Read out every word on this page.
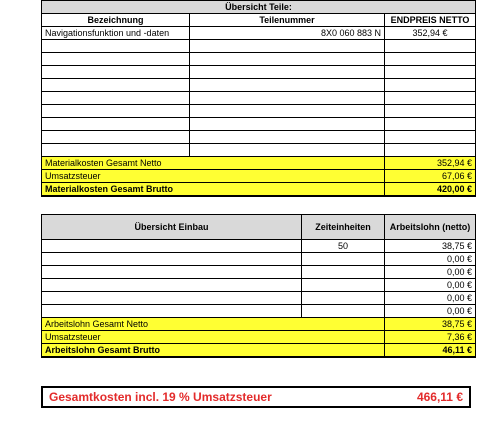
Übersicht Teile:		
Bezeichnung	Teilenummer	ENDPREIS NETTO
Navigationsfunktion und -daten	8X0 060 883 N	352,94 €

Materialkosten Gesamt Netto		352,94 €
Umsatzsteuer		67,06 €
Materialkosten Gesamt Brutto		420,00 €
Übersicht Einbau	Zeiteinheiten	Arbeitslohn (netto)
	50	38,75 €
		0,00 €
		0,00 €
		0,00 €
		0,00 €
		0,00 €
Arbeitslohn Gesamt Netto		38,75 €
Umsatzsteuer		7,36 €
Arbeitslohn Gesamt Brutto		46,11 €
Gesamtkosten incl. 19 % Umsatzsteuer	466,11 €
